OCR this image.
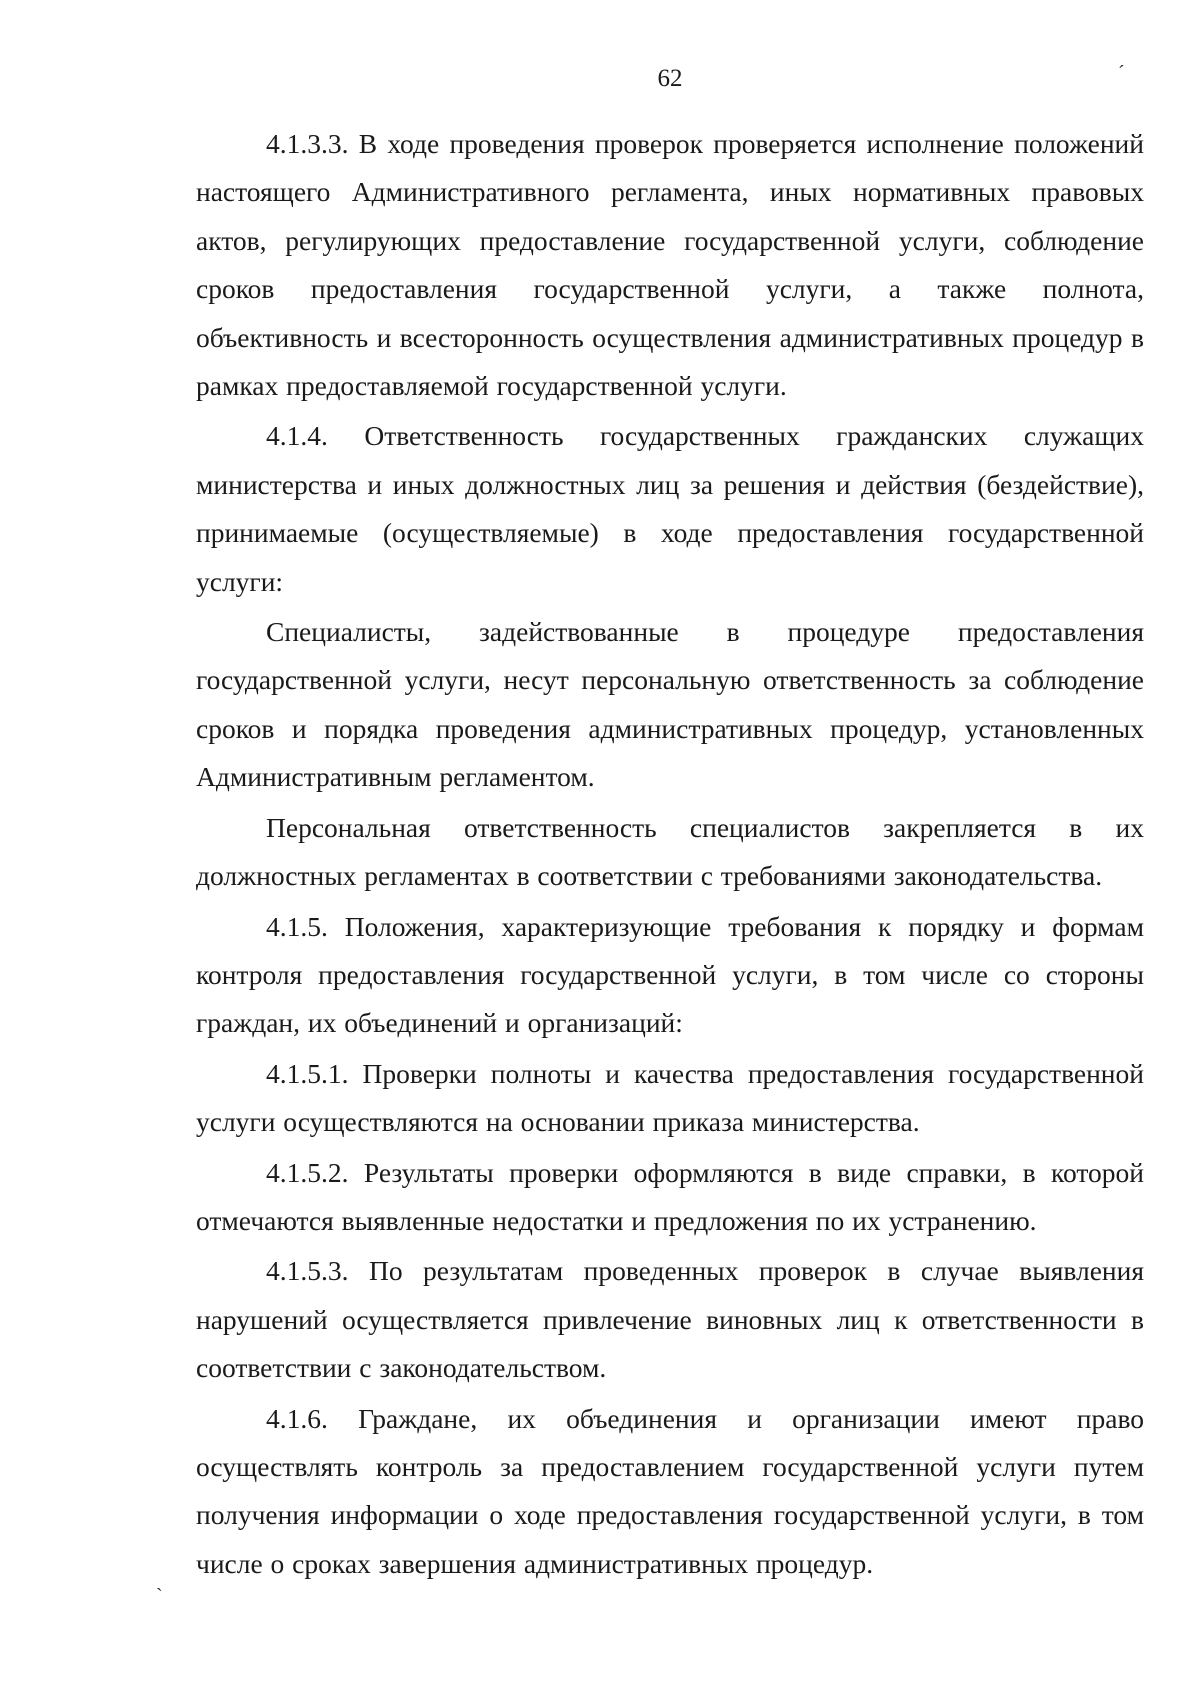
62	´
`

4.1.3.3. В ходе проведения проверок проверяется исполнение положений настоящего Административного регламента, иных нормативных правовых актов, регулирующих предоставление государственной услуги, соблюдение сроков предоставления государственной услуги, а также полнота, объективность и всесторонность осуществления административных процедур в рамках предоставляемой государственной услуги.

4.1.4. Ответственность государственных гражданских служащих министерства и иных должностных лиц за решения и действия (бездействие), принимаемые (осуществляемые) в ходе предоставления государственной услуги:

Специалисты, задействованные в процедуре предоставления государственной услуги, несут персональную ответственность за соблюдение сроков и порядка проведения административных процедур, установленных Административным регламентом.

Персональная ответственность специалистов закрепляется в их должностных регламентах в соответствии с требованиями законодательства.

4.1.5. Положения, характеризующие требования к порядку и формам контроля предоставления государственной услуги, в том числе со стороны граждан, их объединений и организаций:

4.1.5.1. Проверки полноты и качества предоставления государственной услуги осуществляются на основании приказа министерства.

4.1.5.2. Результаты проверки оформляются в виде справки, в которой отмечаются выявленные недостатки и предложения по их устранению.

4.1.5.3. По результатам проведенных проверок в случае выявления нарушений осуществляется привлечение виновных лиц к ответственности в соответствии с законодательством.

4.1.6. Граждане, их объединения и организации имеют право осуществлять контроль за предоставлением государственной услуги путем получения информации о ходе предоставления государственной услуги, в том числе о сроках завершения административных процедур.
